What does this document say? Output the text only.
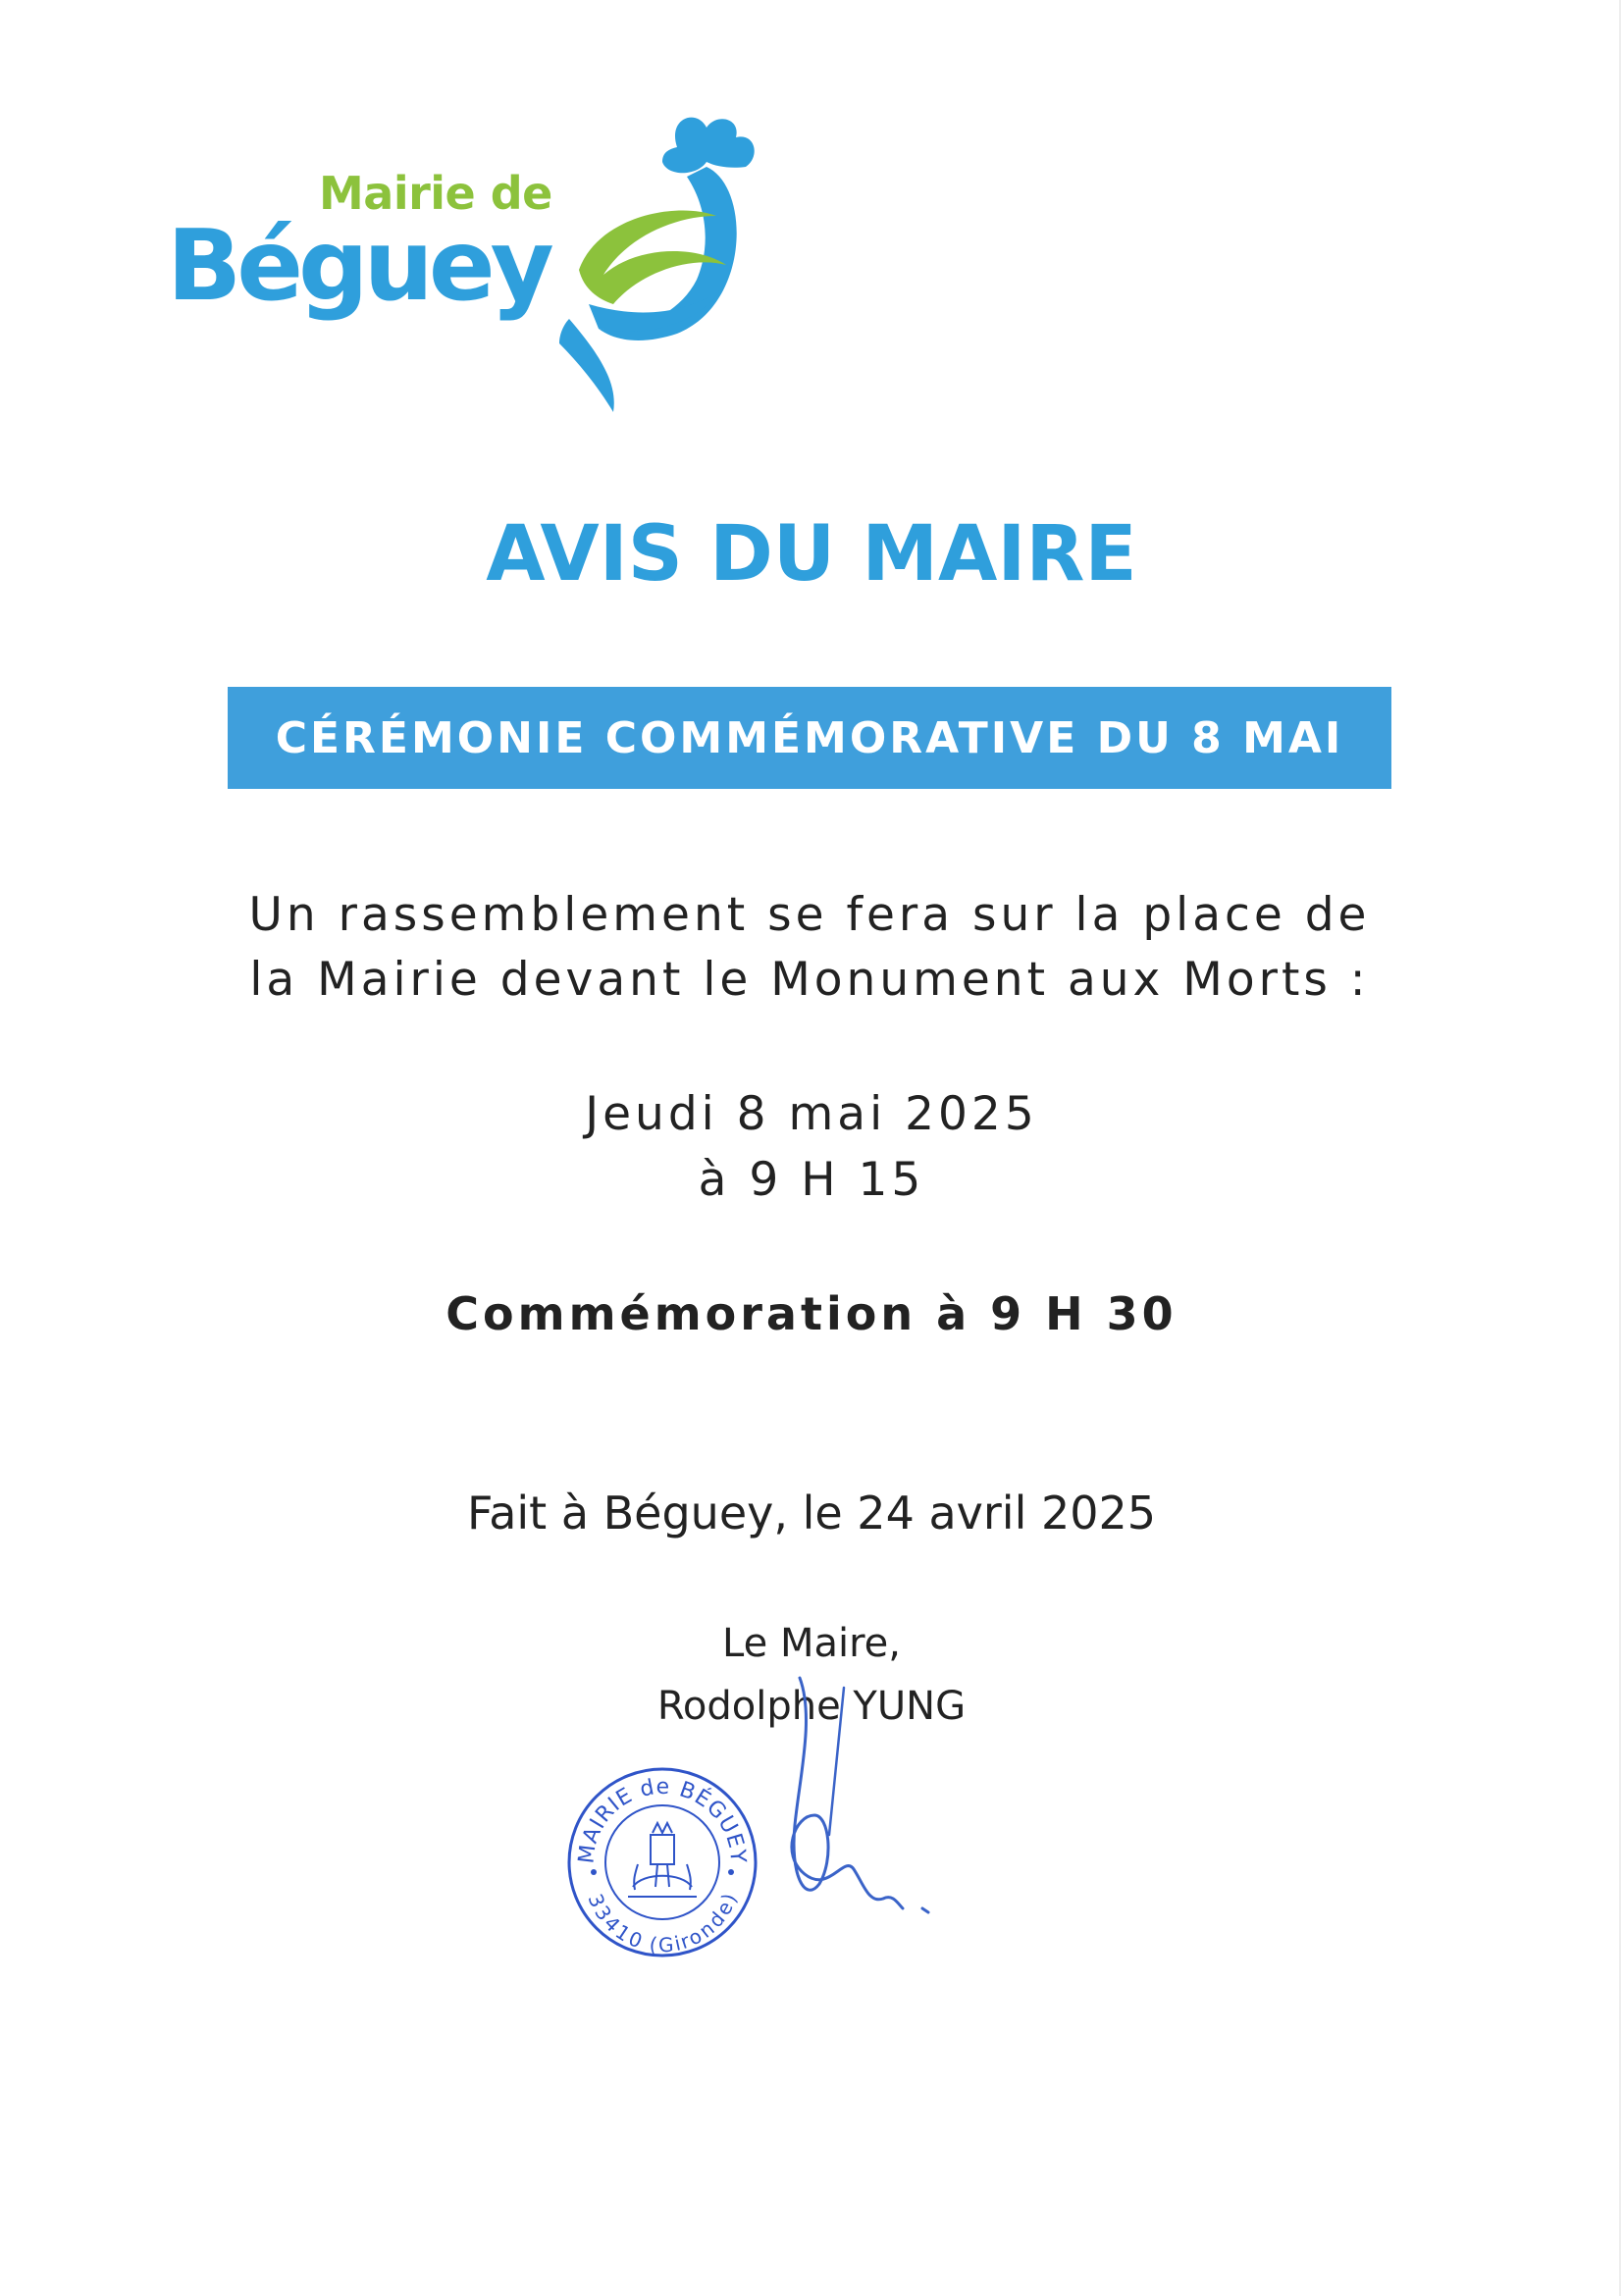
Mairie de
Béguey
AVIS DU MAIRE
CÉRÉMONIE COMMÉMORATIVE DU 8 MAI
Un rassemblement se fera sur la place de
la Mairie devant le Monument aux Morts :
Jeudi 8 mai 2025
à 9 H 15
Commémoration à 9 H 30
Fait à Béguey, le 24 avril 2025
Le Maire,
Rodolphe YUNG
MAIRIE de BÉGUEY
33410 (Gironde)
